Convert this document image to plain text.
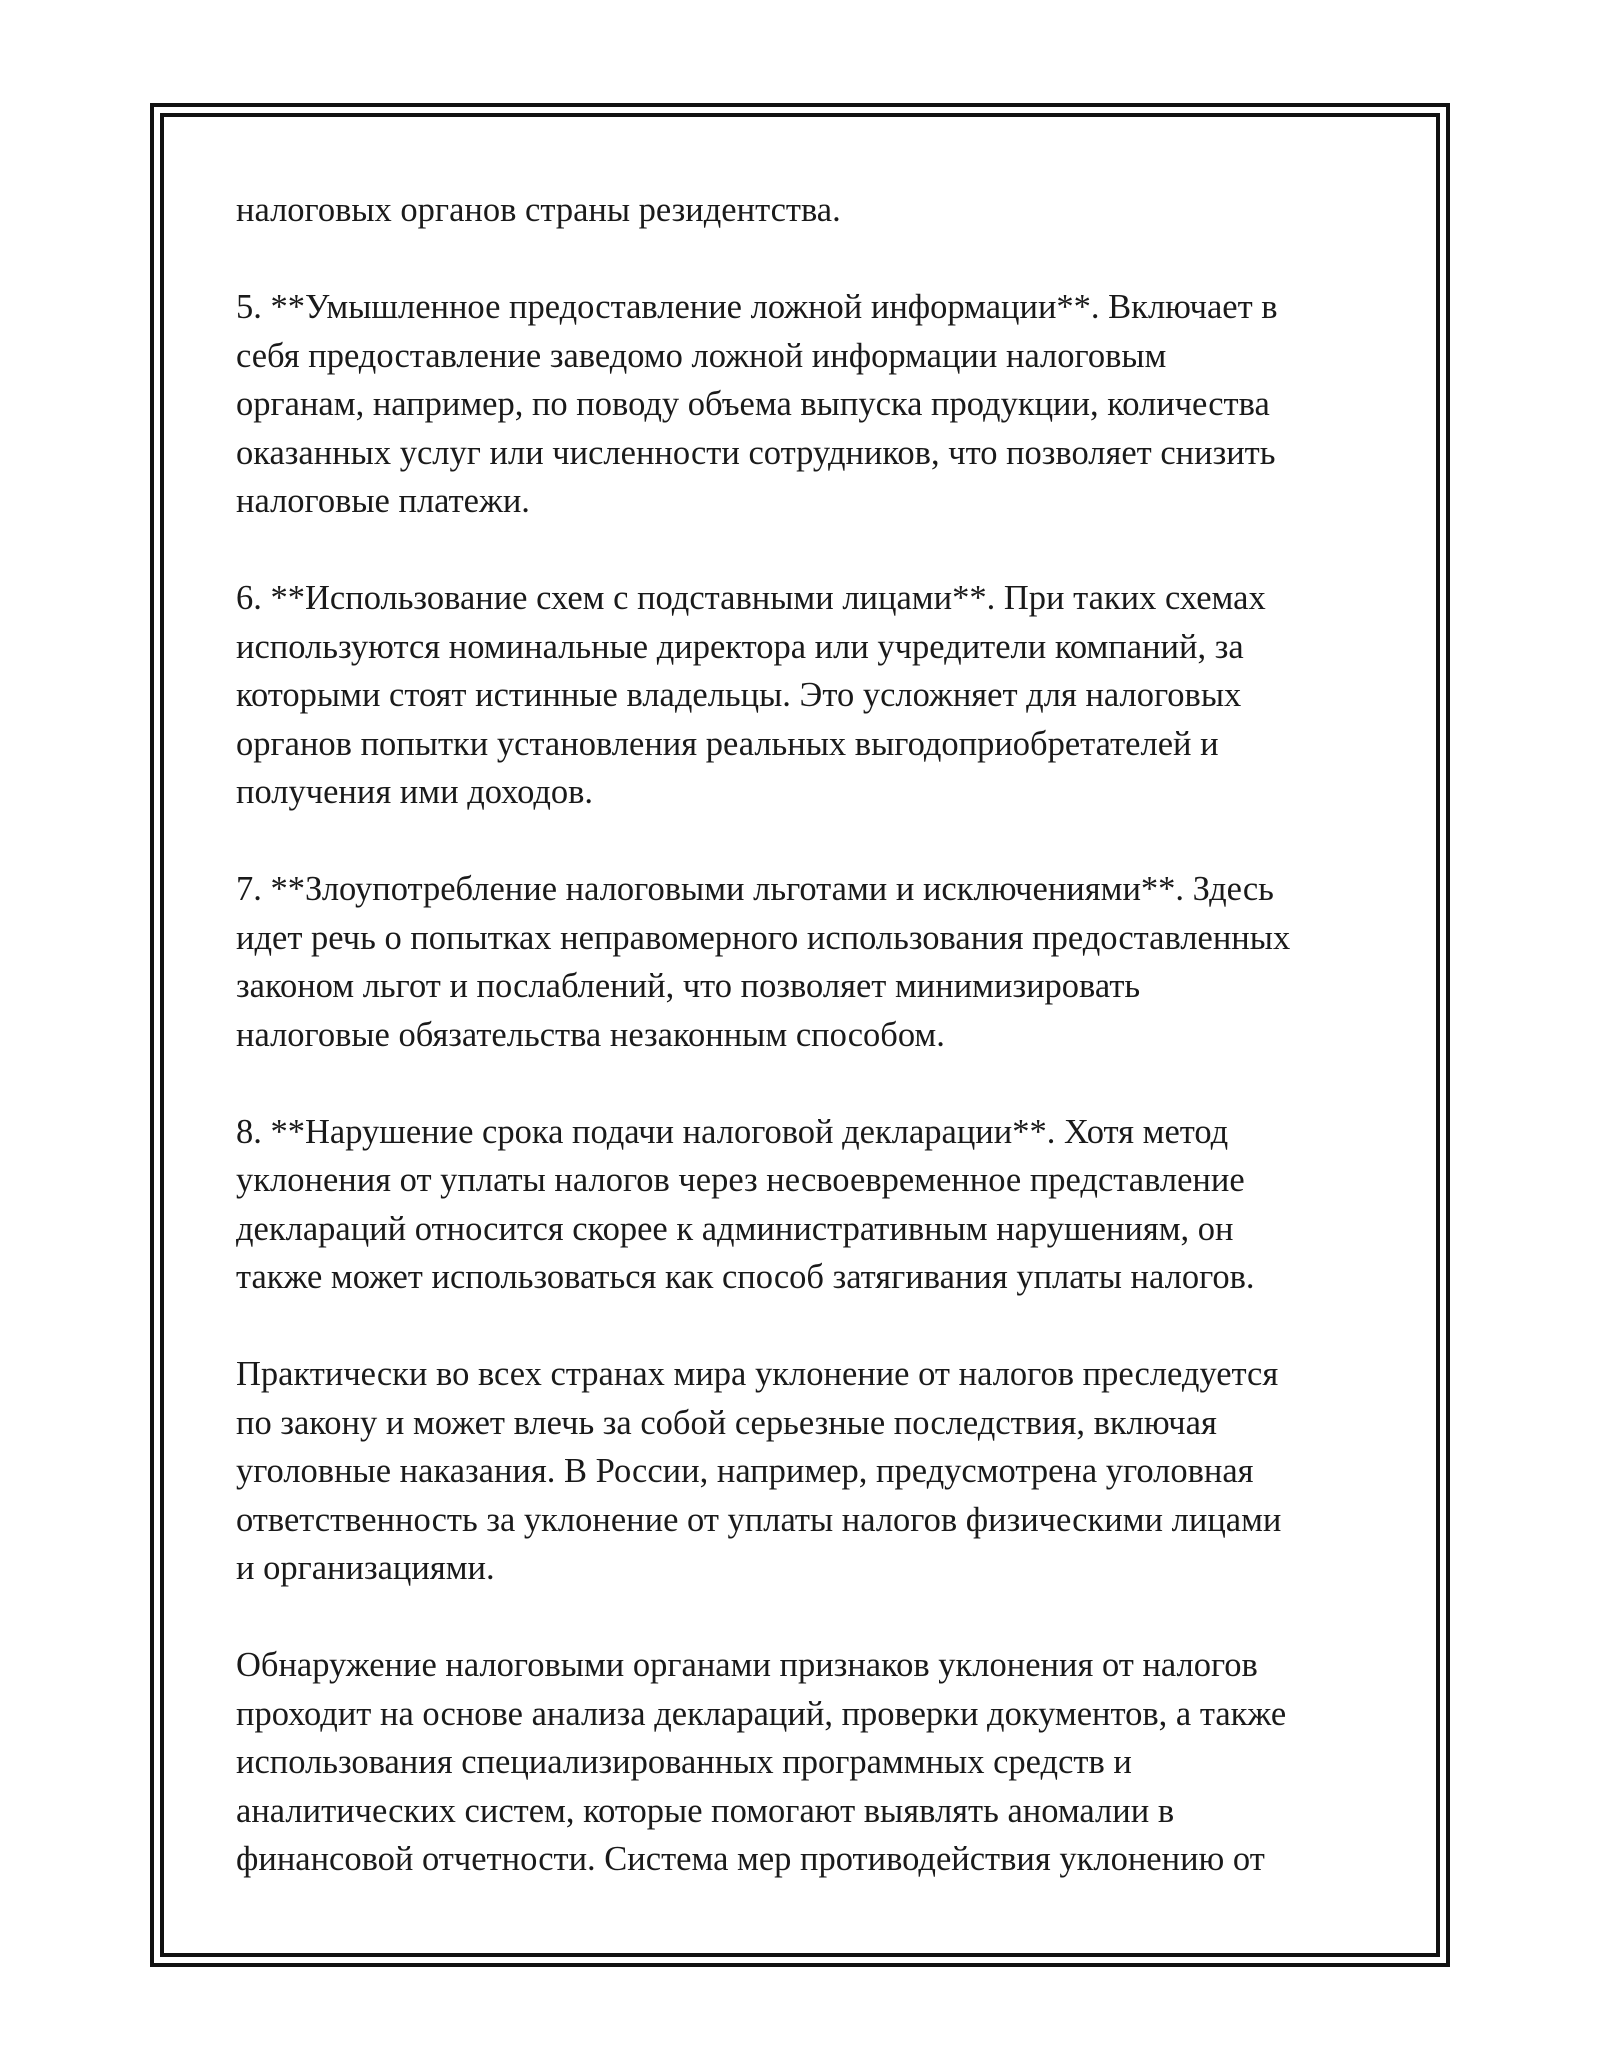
налоговых органов страны резидентства.

5. **Умышленное предоставление ложной информации**. Включает в
себя предоставление заведомо ложной информации налоговым
органам, например, по поводу объема выпуска продукции, количества
оказанных услуг или численности сотрудников, что позволяет снизить
налоговые платежи.

6. **Использование схем с подставными лицами**. При таких схемах
используются номинальные директора или учредители компаний, за
которыми стоят истинные владельцы. Это усложняет для налоговых
органов попытки установления реальных выгодоприобретателей и
получения ими доходов.

7. **Злоупотребление налоговыми льготами и исключениями**. Здесь
идет речь о попытках неправомерного использования предоставленных
законом льгот и послаблений, что позволяет минимизировать
налоговые обязательства незаконным способом.

8. **Нарушение срока подачи налоговой декларации**. Хотя метод
уклонения от уплаты налогов через несвоевременное представление
деклараций относится скорее к административным нарушениям, он
также может использоваться как способ затягивания уплаты налогов.

Практически во всех странах мира уклонение от налогов преследуется
по закону и может влечь за собой серьезные последствия, включая
уголовные наказания. В России, например, предусмотрена уголовная
ответственность за уклонение от уплаты налогов физическими лицами
и организациями.

Обнаружение налоговыми органами признаков уклонения от налогов
проходит на основе анализа деклараций, проверки документов, а также
использования специализированных программных средств и
аналитических систем, которые помогают выявлять аномалии в
финансовой отчетности. Система мер противодействия уклонению от
